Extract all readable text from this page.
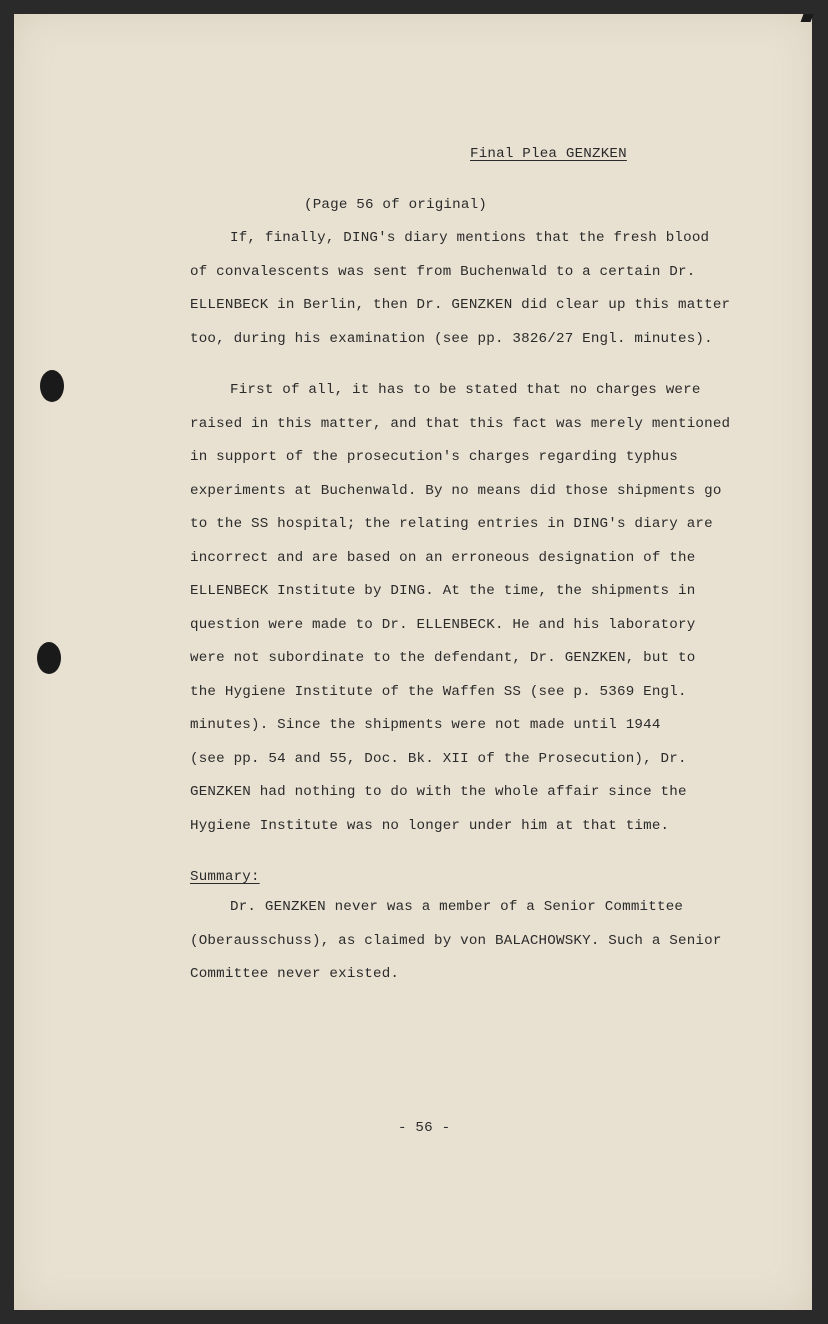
Final Plea GENZKEN
(Page 56 of original)
If, finally, DING's diary mentions that the fresh blood
of convalescents was sent from Buchenwald to a certain Dr.
ELLENBECK in Berlin, then Dr. GENZKEN did clear up this matter
too, during his examination (see pp. 3826/27 Engl. minutes).
First of all, it has to be stated that no charges were
raised in this matter, and that this fact was merely mentioned
in support of the prosecution's charges regarding typhus
experiments at Buchenwald. By no means did those shipments go
to the SS hospital; the relating entries in DING's diary are
incorrect and are based on an erroneous designation of the
ELLENBECK Institute by DING. At the time, the shipments in
question were made to Dr. ELLENBECK. He and his laboratory
were not subordinate to the defendant, Dr. GENZKEN, but to
the Hygiene Institute of the Waffen SS (see p. 5369 Engl.
minutes). Since the shipments were not made until 1944
(see pp. 54 and 55, Doc. Bk. XII of the Prosecution), Dr.
GENZKEN had nothing to do with the whole affair since the
Hygiene Institute was no longer under him at that time.
Summary:
Dr. GENZKEN never was a member of a Senior Committee
(Oberausschuss), as claimed by von BALACHOWSKY. Such a Senior
Committee never existed.
- 56 -
